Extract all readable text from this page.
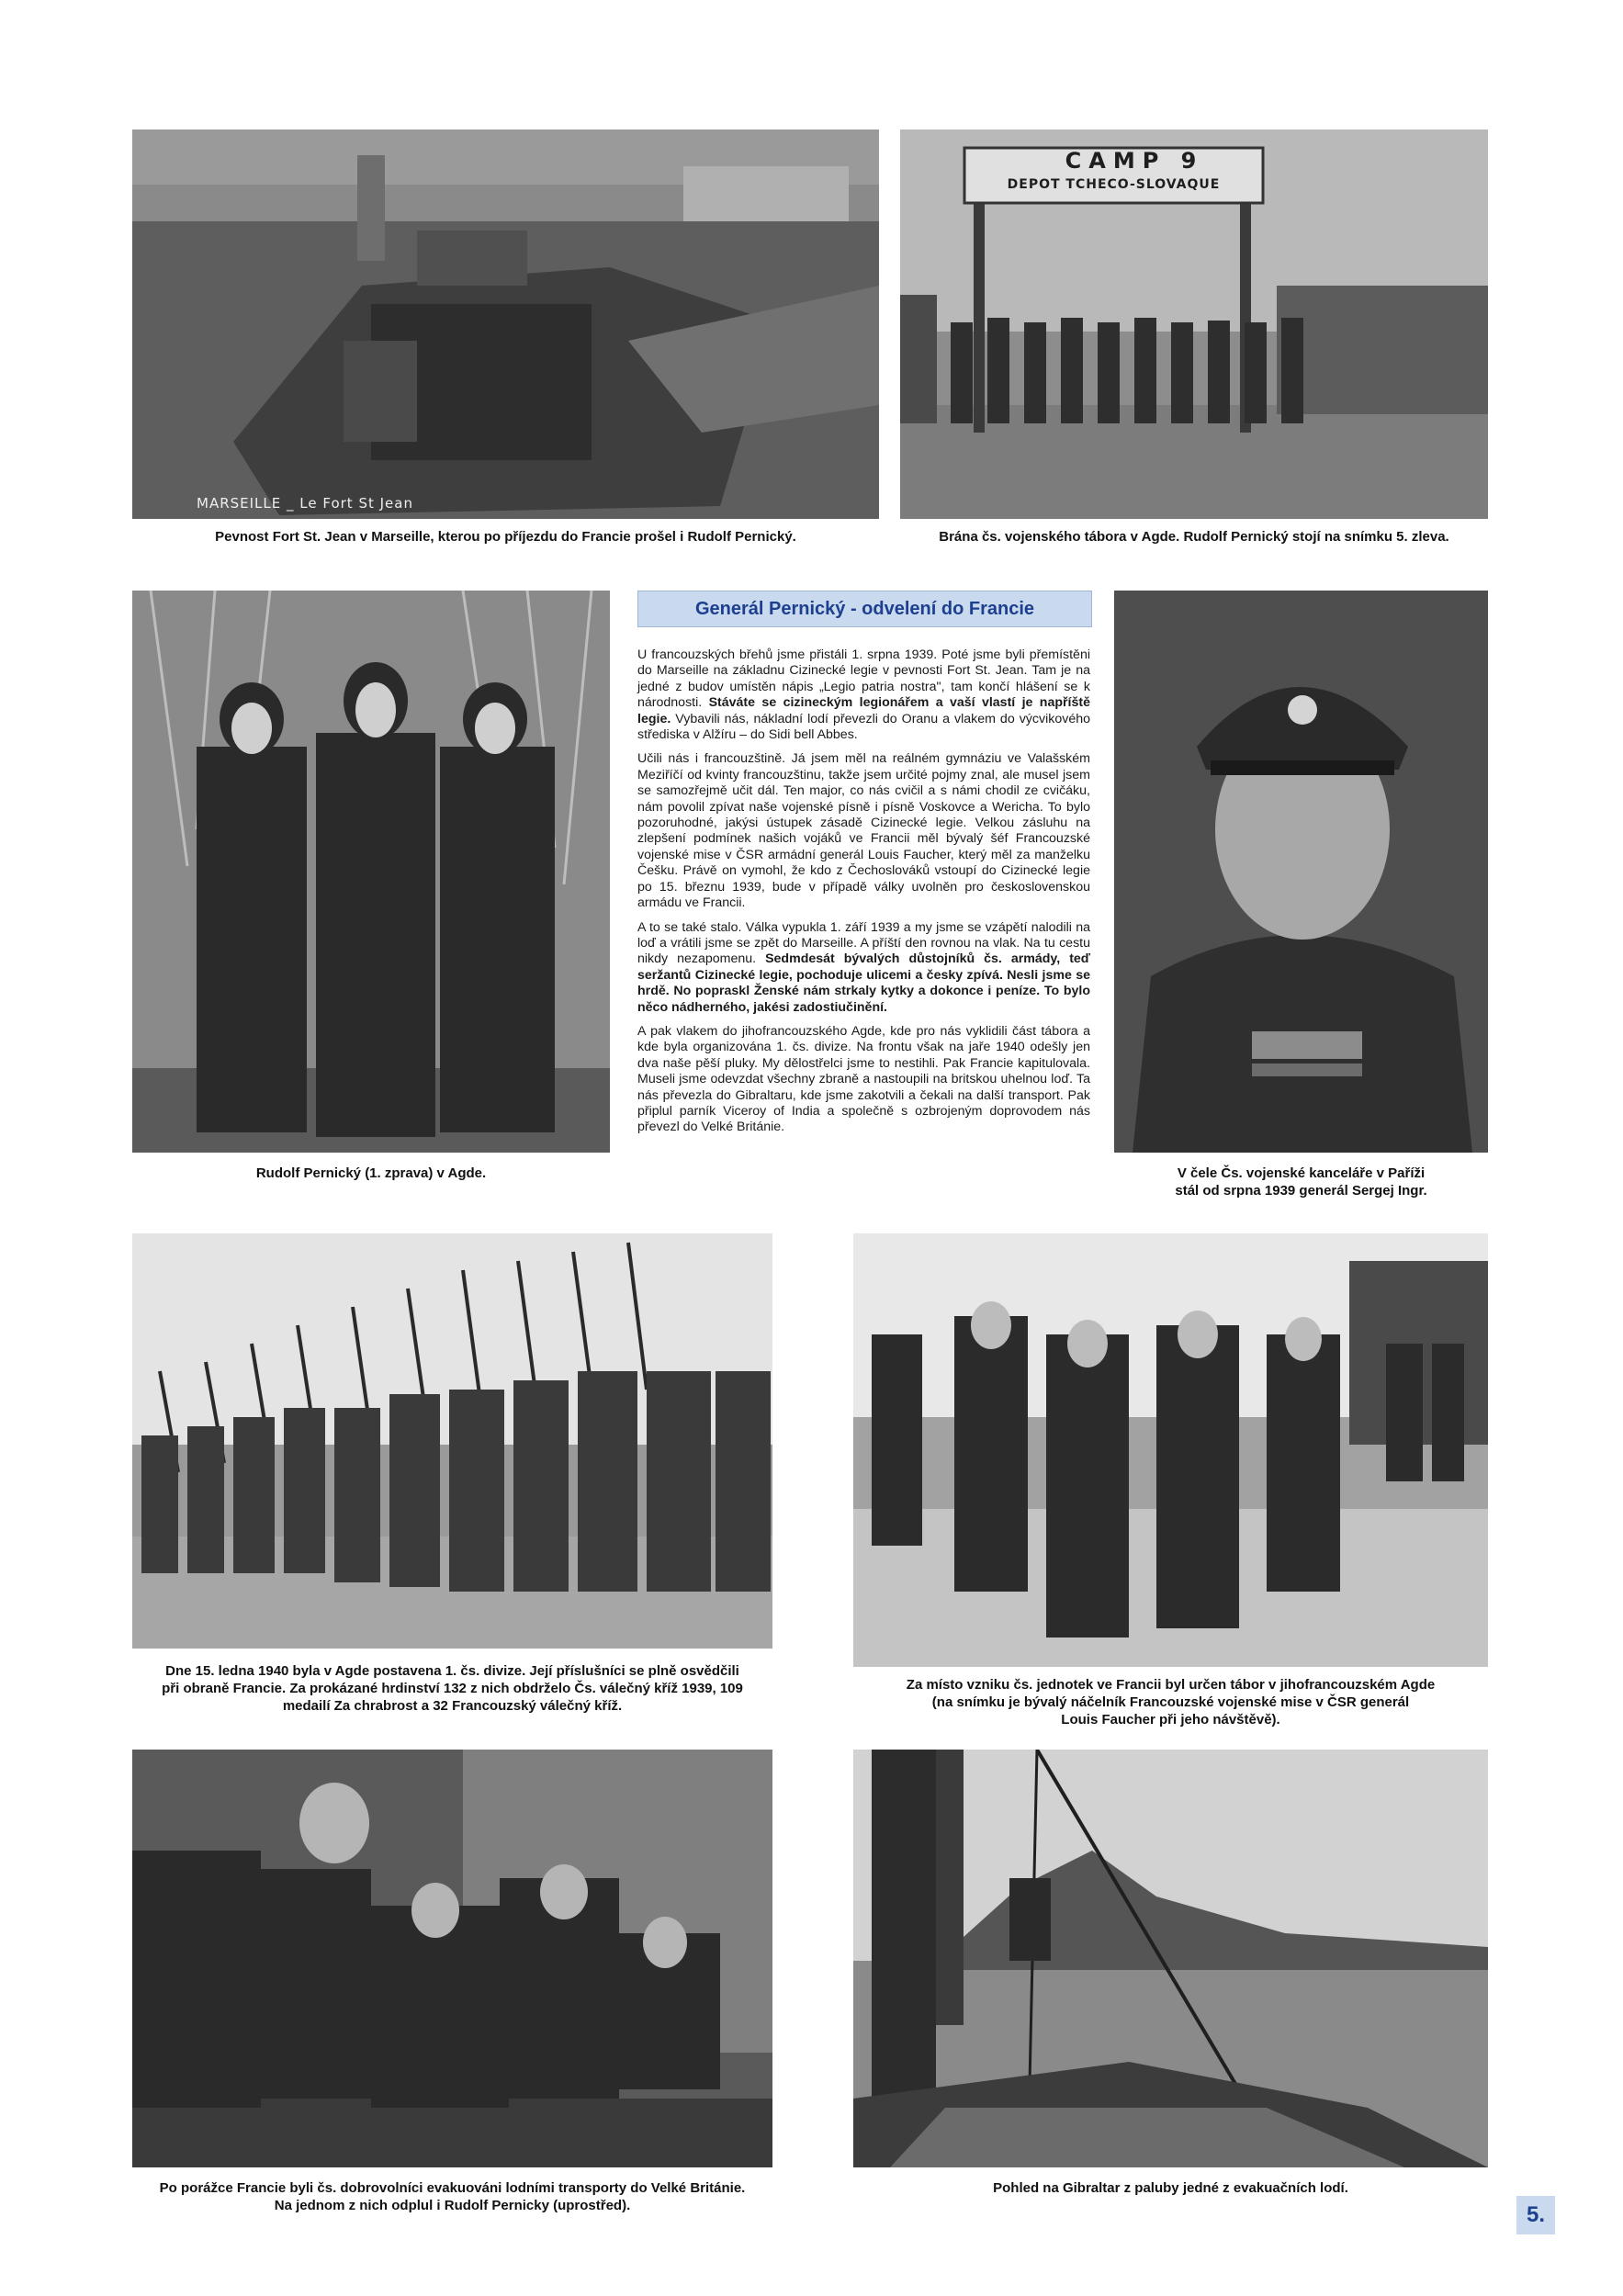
MARSEILLE _ Le Fort St Jean
Pevnost Fort St. Jean v Marseille, kterou po příjezdu do Francie prošel i Rudolf Pernický.
CAMP 9
DEPOT TCHECO-SLOVAQUE
Brána čs. vojenského tábora v Agde. Rudolf Pernický stojí na snímku 5. zleva.
Rudolf Pernický (1. zprava) v Agde.
Generál Pernický - odvelení do Francie

U francouzských břehů jsme přistáli 1. srpna 1939. Poté jsme byli přemístěni do Marseille na základnu Cizinecké legie v pevnosti Fort St. Jean. Tam je na jedné z budov umístěn nápis „Legio patria nostra", tam končí hlášení se k národnosti. Stáváte se cizineckým legionářem a vaší vlastí je napříště legie. Vybavili nás, nákladní lodí převezli do Oranu a vlakem do výcvikového střediska v Alžíru – do Sidi bell Abbes.

Učili nás i francouzštině. Já jsem měl na reálném gymnáziu ve Valašském Meziříčí od kvinty francouzštinu, takže jsem určité pojmy znal, ale musel jsem se samozřejmě učit dál. Ten major, co nás cvičil a s námi chodil ze cvičáku, nám povolil zpívat naše vojenské písně i písně Voskovce a Wericha. To bylo pozoruhodné, jakýsi ústupek zásadě Cizinecké legie. Velkou zásluhu na zlepšení podmínek našich vojáků ve Francii měl bývalý šéf Francouzské vojenské mise v ČSR armádní generál Louis Faucher, který měl za manželku Češku. Právě on vymohl, že kdo z Čechoslováků vstoupí do Cizinecké legie po 15. březnu 1939, bude v případě války uvolněn pro československou armádu ve Francii.

A to se také stalo. Válka vypukla 1. září 1939 a my jsme se vzápětí nalodili na loď a vrátili jsme se zpět do Marseille. A příští den rovnou na vlak. Na tu cestu nikdy nezapomenu. Sedmdesát bývalých důstojníků čs. armády, teď seržantů Cizinecké legie, pochoduje ulicemi a česky zpívá. Nesli jsme se hrdě. No popraskl Ženské nám strkaly kytky a dokonce i peníze. To bylo něco nádherného, jakési zadostiučinění.

A pak vlakem do jihofrancouzského Agde, kde pro nás vyklidili část tábora a kde byla organizována 1. čs. divize. Na frontu však na jaře 1940 odešly jen dva naše pěší pluky. My dělostřelci jsme to nestihli. Pak Francie kapitulovala. Museli jsme odevzdat všechny zbraně a nastoupili na britskou uhelnou loď. Ta nás převezla do Gibraltaru, kde jsme zakotvili a čekali na další transport. Pak připlul parník Viceroy of India a společně s ozbrojeným doprovodem nás převezl do Velké Británie.

V čele Čs. vojenské kanceláře v Paříži
stál od srpna 1939 generál Sergej Ingr.
Dne 15. ledna 1940 byla v Agde postavena 1. čs. divize. Její příslušníci se plně osvědčili
při obraně Francie. Za prokázané hrdinství 132 z nich obdrželo Čs. válečný kříž 1939, 109
medailí Za chrabrost a 32 Francouzský válečný kříž.
Za místo vzniku čs. jednotek ve Francii byl určen tábor v jihofrancouzském Agde
(na snímku je bývalý náčelník Francouzské vojenské mise v ČSR generál
Louis Faucher při jeho návštěvě).
Po porážce Francie byli čs. dobrovolníci evakuováni lodními transporty do Velké Británie.
Na jednom z nich odplul i Rudolf Pernicky (uprostřed).
Pohled na Gibraltar z paluby jedné z evakuačních lodí.
5.
